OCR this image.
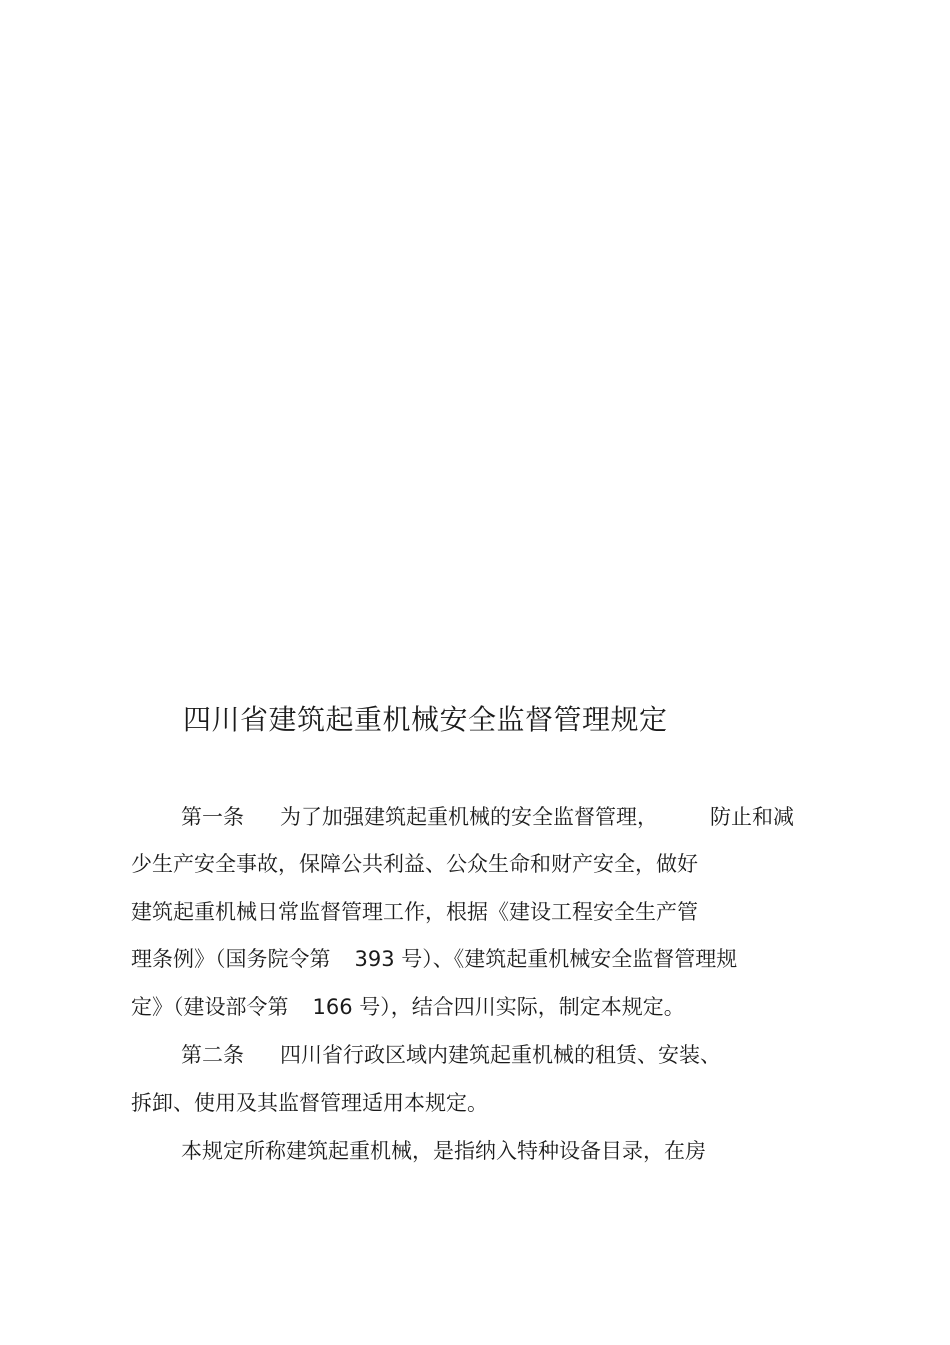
四川省建筑起重机械安全监督管理规定
第一条 为了加强建筑起重机械的安全监督管理， 防止和减
少生产安全事故，保障公共利益、公众生命和财产安全，做好
建筑起重机械日常监督管理工作，根据《建设工程安全生产管
理条例》（国务院令第 393 号）、《建筑起重机械安全监督管理规
定》（建设部令第 166 号），结合四川实际，制定本规定。
第二条 四川省行政区域内建筑起重机械的租赁、安装、
拆卸、使用及其监督管理适用本规定。
本规定所称建筑起重机械，是指纳入特种设备目录，在房
